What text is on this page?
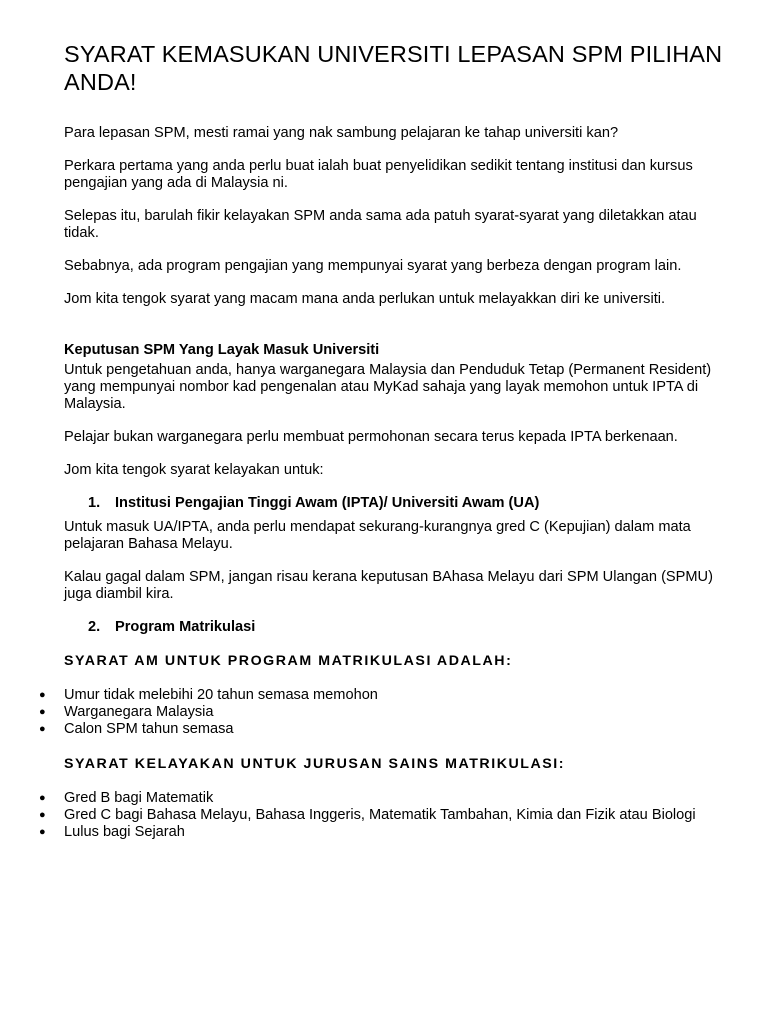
SYARAT KEMASUKAN UNIVERSITI LEPASAN SPM PILIHAN ANDA!

Para lepasan SPM, mesti ramai yang nak sambung pelajaran ke tahap universiti kan?

Perkara pertama yang anda perlu buat ialah buat penyelidikan sedikit tentang institusi dan kursus pengajian yang ada di Malaysia ni.

Selepas itu, barulah fikir kelayakan SPM anda sama ada patuh syarat-syarat yang diletakkan atau tidak.

Sebabnya, ada program pengajian yang mempunyai syarat yang berbeza dengan program lain.

Jom kita tengok syarat yang macam mana anda perlukan untuk melayakkan diri ke universiti.

Keputusan SPM Yang Layak Masuk Universiti

Untuk pengetahuan anda, hanya warganegara Malaysia dan Penduduk Tetap (Permanent Resident) yang mempunyai nombor kad pengenalan atau MyKad sahaja yang layak memohon untuk IPTA di Malaysia.

Pelajar bukan warganegara perlu membuat permohonan secara terus kepada IPTA berkenaan.

Jom kita tengok syarat kelayakan untuk:

1.	Institusi Pengajian Tinggi Awam (IPTA)/ Universiti Awam (UA)

Untuk masuk UA/IPTA, anda perlu mendapat sekurang-kurangnya gred C (Kepujian) dalam mata pelajaran Bahasa Melayu.

Kalau gagal dalam SPM, jangan risau kerana keputusan BAhasa Melayu dari SPM Ulangan (SPMU) juga diambil kira.

2.	Program Matrikulasi
SYARAT AM UNTUK PROGRAM MATRIKULASI ADALAH:
● Umur tidak melebihi 20 tahun semasa memohon
● Warganegara Malaysia
● Calon SPM tahun semasa
SYARAT KELAYAKAN UNTUK JURUSAN SAINS MATRIKULASI:
● Gred B bagi Matematik
● Gred C bagi Bahasa Melayu, Bahasa Inggeris, Matematik Tambahan, Kimia dan Fizik atau Biologi
● Lulus bagi Sejarah
